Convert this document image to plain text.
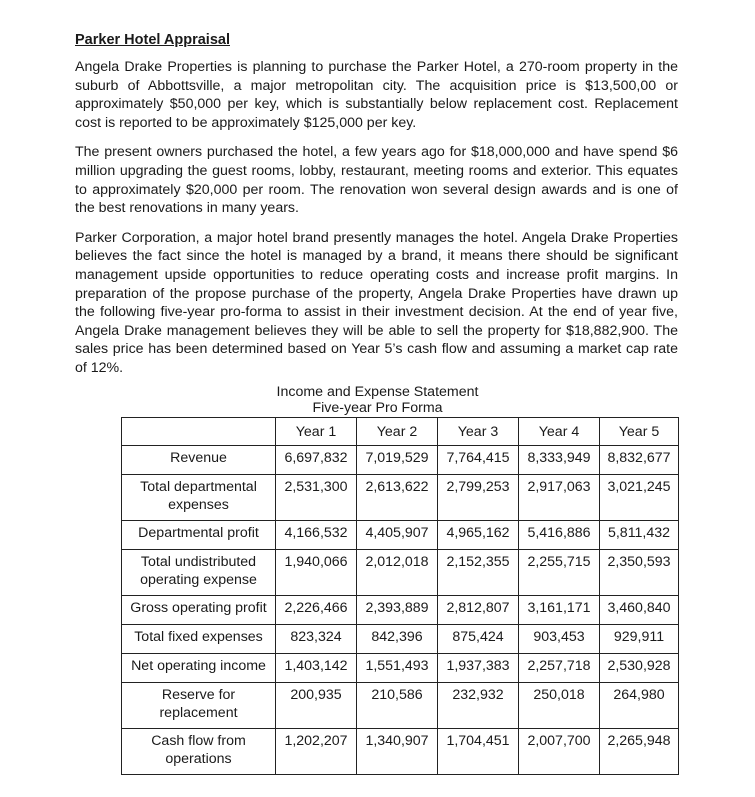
Parker Hotel Appraisal

Angela Drake Properties is planning to purchase the Parker Hotel, a 270-room property in the suburb of Abbottsville, a major metropolitan city. The acquisition price is $13,500,00 or approximately $50,000 per key, which is substantially below replacement cost. Replacement cost is reported to be approximately $125,000 per key.

The present owners purchased the hotel, a few years ago for $18,000,000 and have spend $6 million upgrading the guest rooms, lobby, restaurant, meeting rooms and exterior. This equates to approximately $20,000 per room. The renovation won several design awards and is one of the best renovations in many years.

Parker Corporation, a major hotel brand presently manages the hotel. Angela Drake Properties believes the fact since the hotel is managed by a brand, it means there should be significant management upside opportunities to reduce operating costs and increase profit margins. In preparation of the propose purchase of the property, Angela Drake Properties have drawn up the following five-year pro-forma to assist in their investment decision. At the end of year five, Angela Drake management believes they will be able to sell the property for $18,882,900. The sales price has been determined based on Year 5’s cash flow and assuming a market cap rate of 12%.

Income and Expense Statement
Five-year Pro Forma
	Year 1	Year 2	Year 3	Year 4	Year 5
Revenue	6,697,832	7,019,529	7,764,415	8,333,949	8,832,677
Total departmental expenses	2,531,300	2,613,622	2,799,253	2,917,063	3,021,245
Departmental profit	4,166,532	4,405,907	4,965,162	5,416,886	5,811,432
Total undistributed operating expense	1,940,066	2,012,018	2,152,355	2,255,715	2,350,593
Gross operating profit	2,226,466	2,393,889	2,812,807	3,161,171	3,460,840
Total fixed expenses	823,324	842,396	875,424	903,453	929,911
Net operating income	1,403,142	1,551,493	1,937,383	2,257,718	2,530,928
Reserve for replacement	200,935	210,586	232,932	250,018	264,980
Cash flow from operations	1,202,207	1,340,907	1,704,451	2,007,700	2,265,948
